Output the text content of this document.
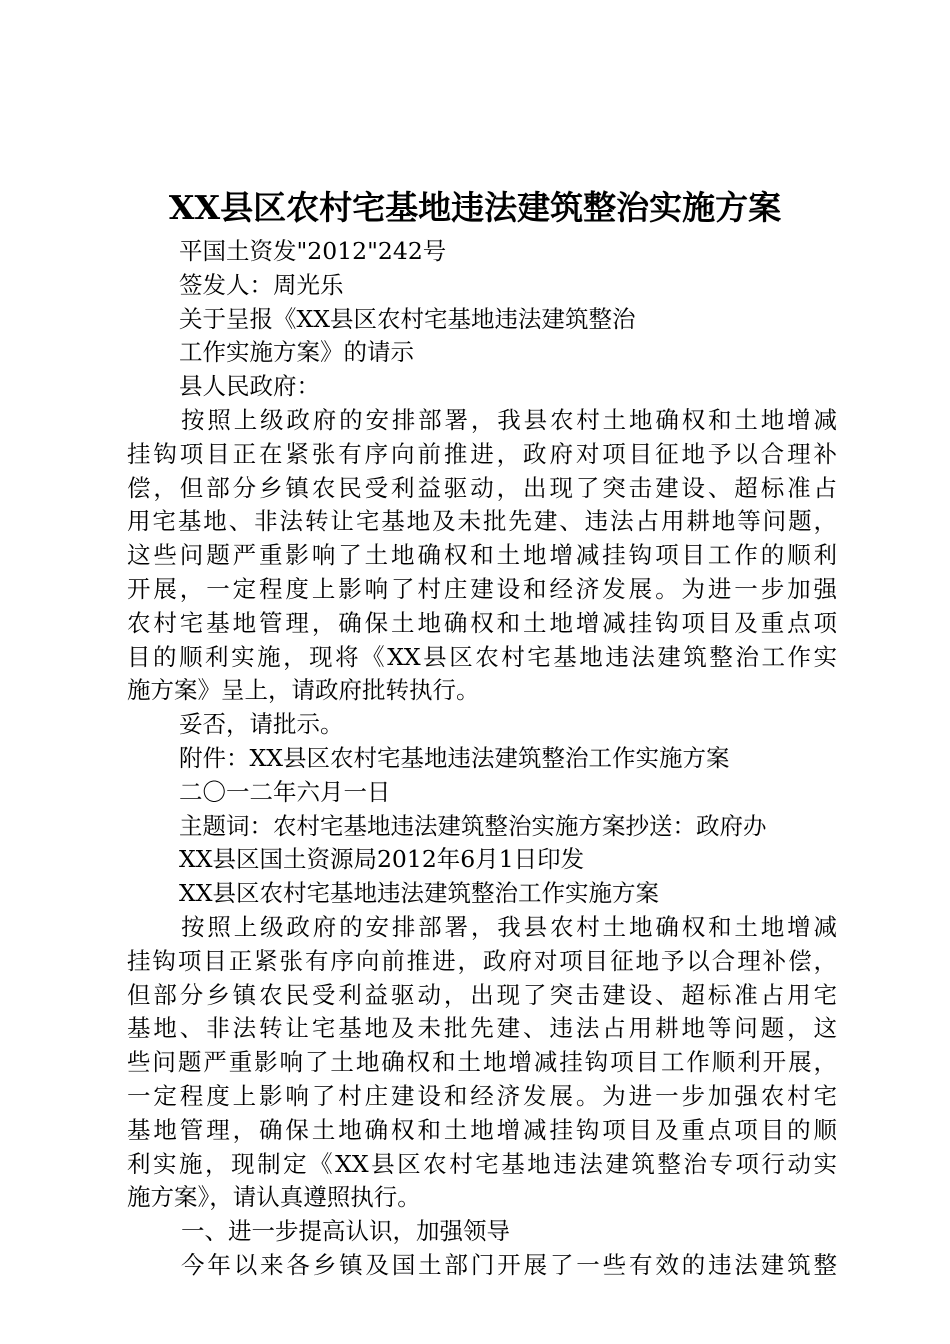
XX县区农村宅基地违法建筑整治实施方案
平国土资发"2012"242号
签发人：周光乐
关于呈报《XX县区农村宅基地违法建筑整治
工作实施方案》的请示
县人民政府：
按照上级政府的安排部署，我县农村土地确权和土地增减
挂钩项目正在紧张有序向前推进，政府对项目征地予以合理补
偿，但部分乡镇农民受利益驱动，出现了突击建设、超标准占
用宅基地、非法转让宅基地及未批先建、违法占用耕地等问题，
这些问题严重影响了土地确权和土地增减挂钩项目工作的顺利
开展，一定程度上影响了村庄建设和经济发展。为进一步加强
农村宅基地管理，确保土地确权和土地增减挂钩项目及重点项
目的顺利实施，现将《XX县区农村宅基地违法建筑整治工作实
施方案》呈上，请政府批转执行。
妥否，请批示。
附件：XX县区农村宅基地违法建筑整治工作实施方案
二〇一二年六月一日
主题词：农村宅基地违法建筑整治实施方案抄送：政府办
XX县区国土资源局2012年6月1日印发
XX县区农村宅基地违法建筑整治工作实施方案
按照上级政府的安排部署，我县农村土地确权和土地增减
挂钩项目正紧张有序向前推进，政府对项目征地予以合理补偿，
但部分乡镇农民受利益驱动，出现了突击建设、超标准占用宅
基地、非法转让宅基地及未批先建、违法占用耕地等问题，这
些问题严重影响了土地确权和土地增减挂钩项目工作顺利开展，
一定程度上影响了村庄建设和经济发展。为进一步加强农村宅
基地管理，确保土地确权和土地增减挂钩项目及重点项目的顺
利实施，现制定《XX县区农村宅基地违法建筑整治专项行动实
施方案》，请认真遵照执行。
一、进一步提高认识，加强领导
今年以来各乡镇及国土部门开展了一些有效的违法建筑整
